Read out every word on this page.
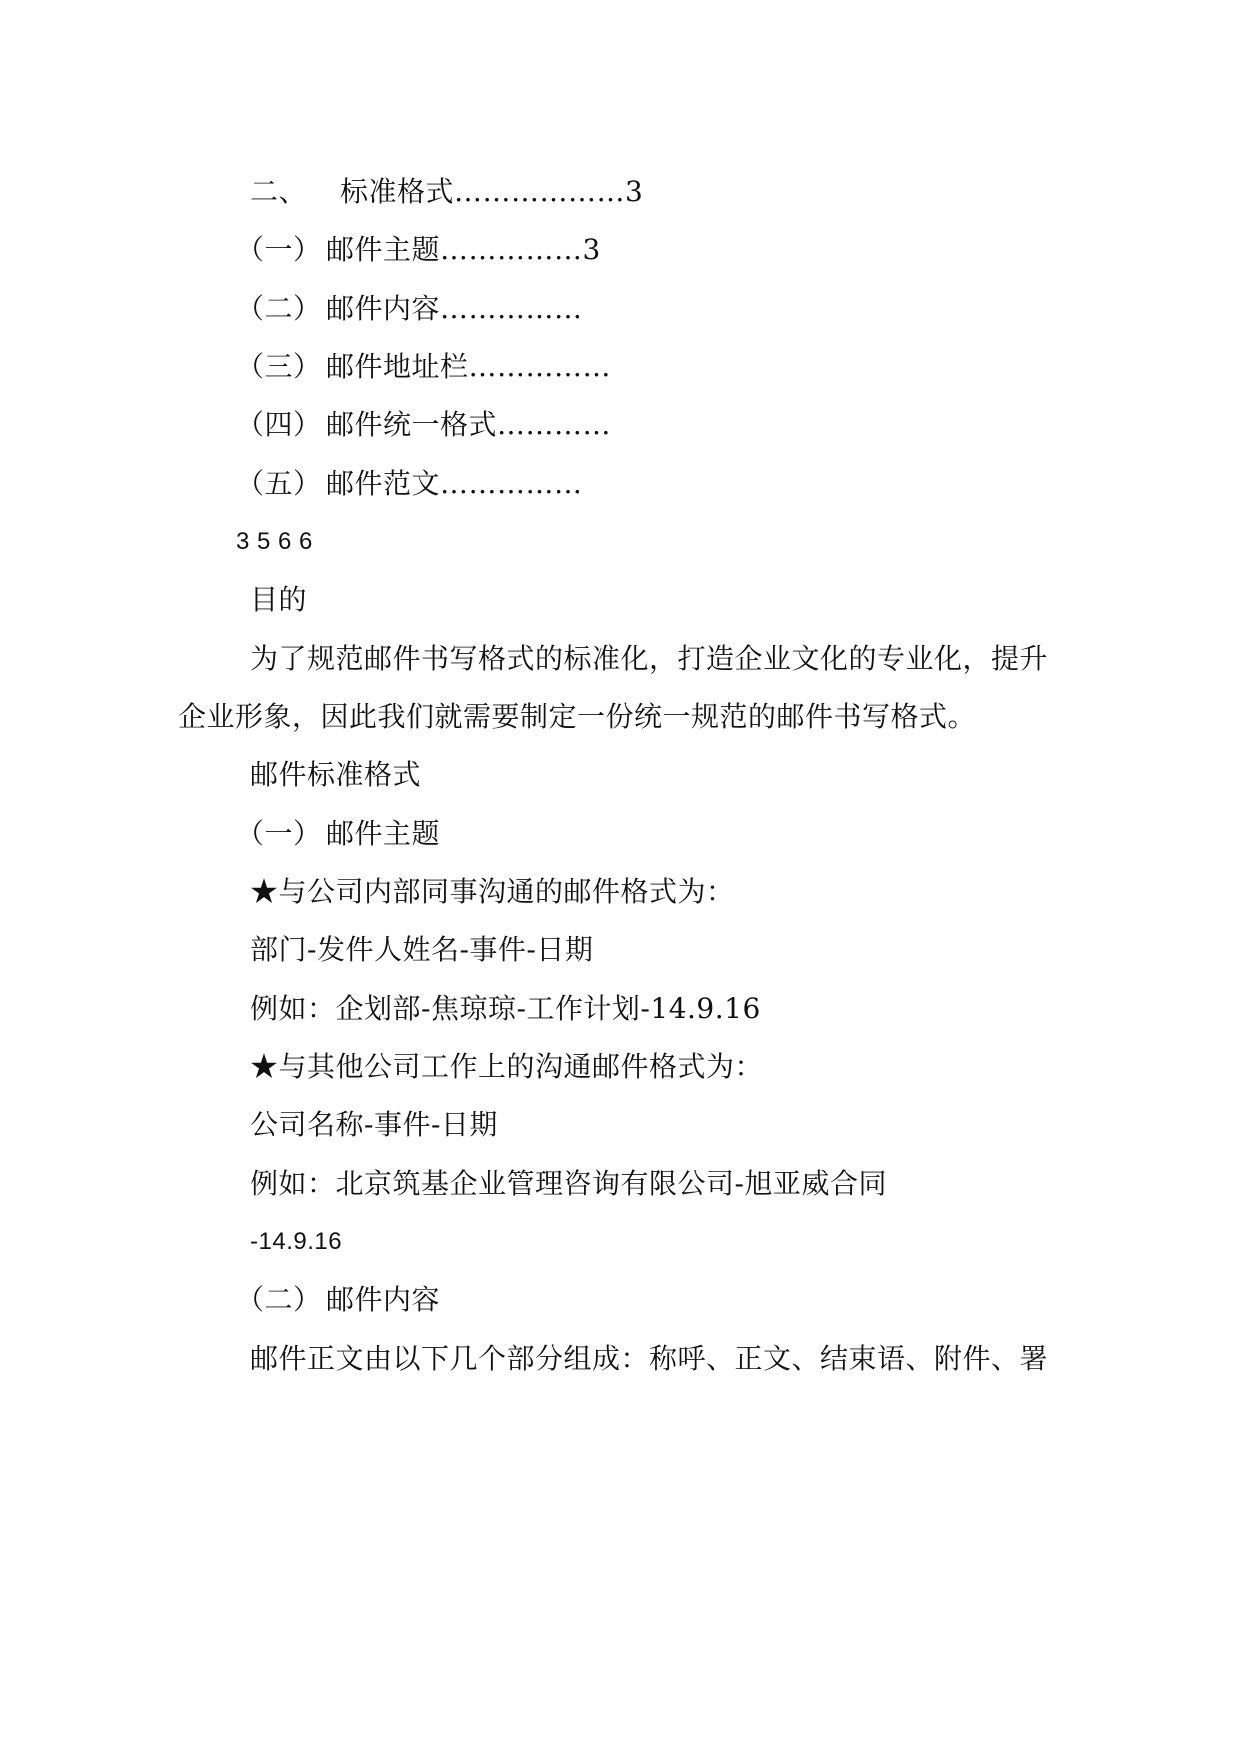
二、 标准格式………………3
（一） 邮件主题……………3
（二） 邮件内容……………
（三） 邮件地址栏……………
（四） 邮件统一格式…………
（五） 邮件范文……………
3 5 6 6
目的
为了规范邮件书写格式的标准化，打造企业文化的专业化，提升
企业形象，因此我们就需要制定一份统一规范的邮件书写格式。
邮件标准格式
（一） 邮件主题
★与公司内部同事沟通的邮件格式为：
部门-发件人姓名-事件-日期
例如：企划部-焦琼琼-工作计划-14.9.16
★与其他公司工作上的沟通邮件格式为：
公司名称-事件-日期
例如：北京筑基企业管理咨询有限公司-旭亚威合同
-14.9.16
（二） 邮件内容
邮件正文由以下几个部分组成：称呼、正文、结束语、附件、署
